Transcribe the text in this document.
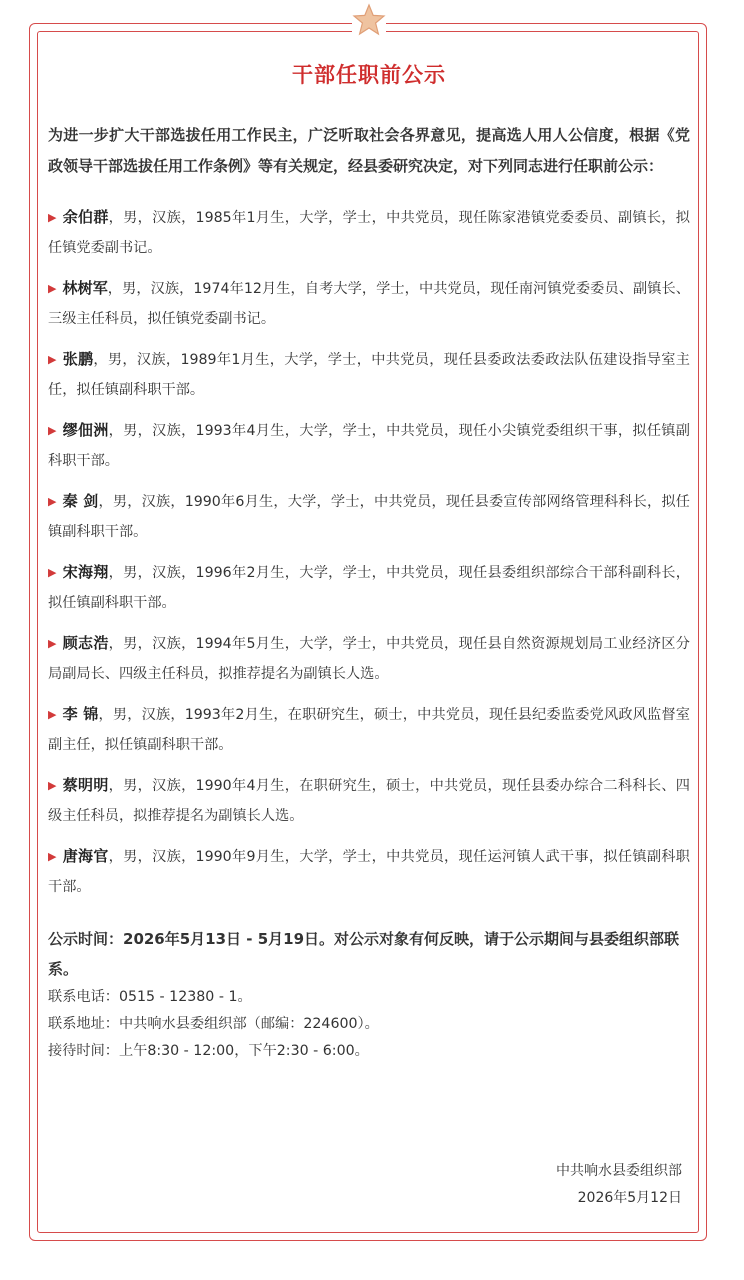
干部任职前公示
为进一步扩大干部选拔任用工作民主，广泛听取社会各界意见，提高选人用人公信度，根据《党政领导干部选拔任用工作条例》等有关规定，经县委研究决定，对下列同志进行任职前公示：
▶ 余伯群，男，汉族，1985年1月生，大学，学士，中共党员，现任陈家港镇党委委员、副镇长，拟任镇党委副书记。
▶ 林树军，男，汉族，1974年12月生，自考大学，学士，中共党员，现任南河镇党委委员、副镇长、三级主任科员，拟任镇党委副书记。
▶ 张鹏，男，汉族，1989年1月生，大学，学士，中共党员，现任县委政法委政法队伍建设指导室主任，拟任镇副科职干部。
▶ 缪佃洲，男，汉族，1993年4月生，大学，学士，中共党员，现任小尖镇党委组织干事，拟任镇副科职干部。
▶ 秦 剑，男，汉族，1990年6月生，大学，学士，中共党员，现任县委宣传部网络管理科科长，拟任镇副科职干部。
▶ 宋海翔，男，汉族，1996年2月生，大学，学士，中共党员，现任县委组织部综合干部科副科长，拟任镇副科职干部。
▶ 顾志浩，男，汉族，1994年5月生，大学，学士，中共党员，现任县自然资源规划局工业经济区分局副局长、四级主任科员，拟推荐提名为副镇长人选。
▶ 李 锦，男，汉族，1993年2月生，在职研究生，硕士，中共党员，现任县纪委监委党风政风监督室副主任，拟任镇副科职干部。
▶ 蔡明明，男，汉族，1990年4月生，在职研究生，硕士，中共党员，现任县委办综合二科科长、四级主任科员，拟推荐提名为副镇长人选。
▶ 唐海官，男，汉族，1990年9月生，大学，学士，中共党员，现任运河镇人武干事，拟任镇副科职干部。
公示时间：2026年5月13日 - 5月19日。对公示对象有何反映，请于公示期间与县委组织部联系。
联系电话：0515 - 12380 - 1。
联系地址：中共响水县委组织部（邮编：224600）。
接待时间：上午8:30 - 12:00，下午2:30 - 6:00。
中共响水县委组织部
2026年5月12日
